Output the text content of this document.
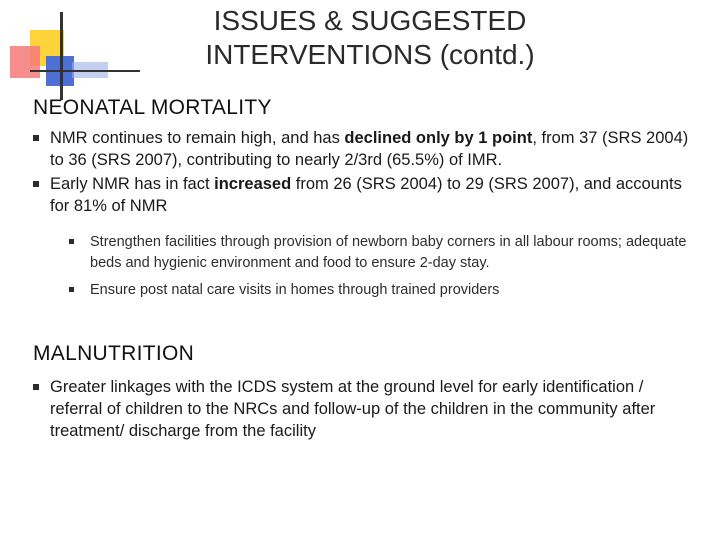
ISSUES & SUGGESTED
INTERVENTIONS (contd.)
NEONATAL MORTALITY
NMR continues to remain high, and has declined only by 1 point, from 37 (SRS 2004) to 36 (SRS 2007), contributing to nearly 2/3rd (65.5%) of IMR.
Early NMR has in fact increased from 26 (SRS 2004) to 29 (SRS 2007), and accounts for 81% of NMR
Strengthen facilities through provision of newborn baby corners in all labour rooms; adequate beds and hygienic environment and food to ensure 2-day stay.
Ensure post natal care visits in homes through trained providers
MALNUTRITION
Greater linkages with the ICDS system at the ground level for early identification / referral of children to the NRCs and follow-up of the children in the community after treatment/ discharge from the facility
